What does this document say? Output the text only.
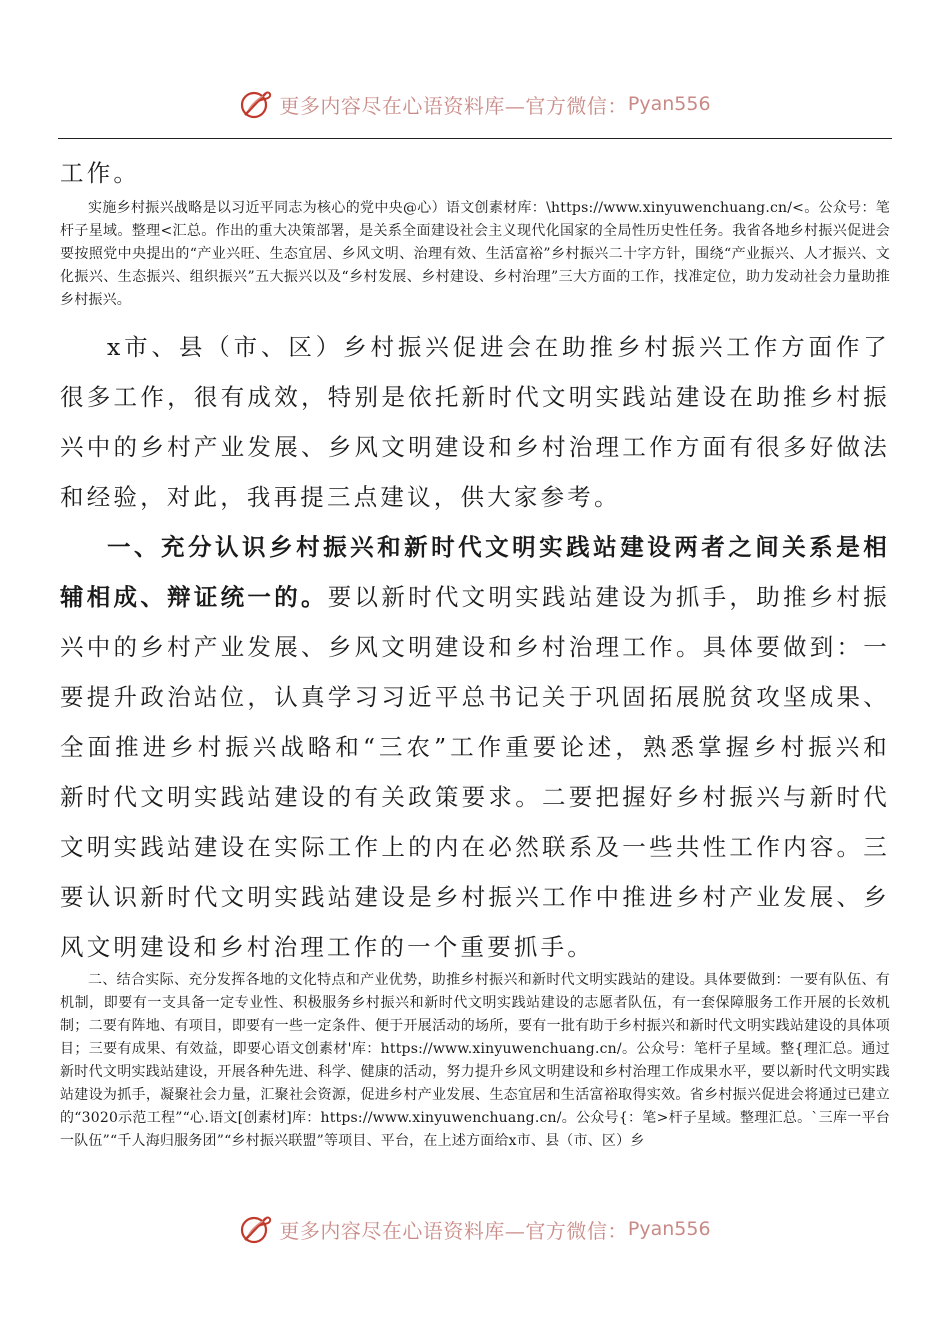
更多内容尽在心语资料库—官方微信： Pyan556
工作。
实施乡村振兴战略是以习近平同志为核心的党中央@心）语文创素材库：\https://www.xinyuwenchuang.cn/<。公众号：笔杆子星域。整理<汇总。作出的重大决策部署，是关系全面建设社会主义现代化国家的全局性历史性任务。我省各地乡村振兴促进会要按照党中央提出的“产业兴旺、生态宜居、乡风文明、治理有效、生活富裕”乡村振兴二十字方针，围绕“产业振兴、人才振兴、文化振兴、生态振兴、组织振兴”五大振兴以及“乡村发展、乡村建设、乡村治理”三大方面的工作，找准定位，助力发动社会力量助推乡村振兴。
x市、县（市、区）乡村振兴促进会在助推乡村振兴工作方面作了很多工作，很有成效，特别是依托新时代文明实践站建设在助推乡村振兴中的乡村产业发展、乡风文明建设和乡村治理工作方面有很多好做法和经验，对此，我再提三点建议，供大家参考。
一、充分认识乡村振兴和新时代文明实践站建设两者之间关系是相辅相成、辩证统一的。要以新时代文明实践站建设为抓手，助推乡村振兴中的乡村产业发展、乡风文明建设和乡村治理工作。具体要做到：一要提升政治站位，认真学习习近平总书记关于巩固拓展脱贫攻坚成果、全面推进乡村振兴战略和“三农”工作重要论述，熟悉掌握乡村振兴和新时代文明实践站建设的有关政策要求。二要把握好乡村振兴与新时代文明实践站建设在实际工作上的内在必然联系及一些共性工作内容。三要认识新时代文明实践站建设是乡村振兴工作中推进乡村产业发展、乡风文明建设和乡村治理工作的一个重要抓手。
二、结合实际、充分发挥各地的文化特点和产业优势，助推乡村振兴和新时代文明实践站的建设。具体要做到：一要有队伍、有机制，即要有一支具备一定专业性、积极服务乡村振兴和新时代文明实践站建设的志愿者队伍，有一套保障服务工作开展的长效机制；二要有阵地、有项目，即要有一些一定条件、便于开展活动的场所，要有一批有助于乡村振兴和新时代文明实践站建设的具体项目；三要有成果、有效益，即要心语文创素材'库：https://www.xinyuwenchuang.cn/。公众号：笔杆子星域。整{理汇总。通过新时代文明实践站建设，开展各种先进、科学、健康的活动，努力提升乡风文明建设和乡村治理工作成果水平，要以新时代文明实践站建设为抓手，凝聚社会力量，汇聚社会资源，促进乡村产业发展、生态宜居和生活富裕取得实效。省乡村振兴促进会将通过已建立的“3020示范工程”“心.语文[创素材]库：https://www.xinyuwenchuang.cn/。公众号{：笔>杆子星域。整理汇总。`三库一平台一队伍”“千人海归服务团”“乡村振兴联盟”等项目、平台，在上述方面给x市、县（市、区）乡
更多内容尽在心语资料库—官方微信： Pyan556
